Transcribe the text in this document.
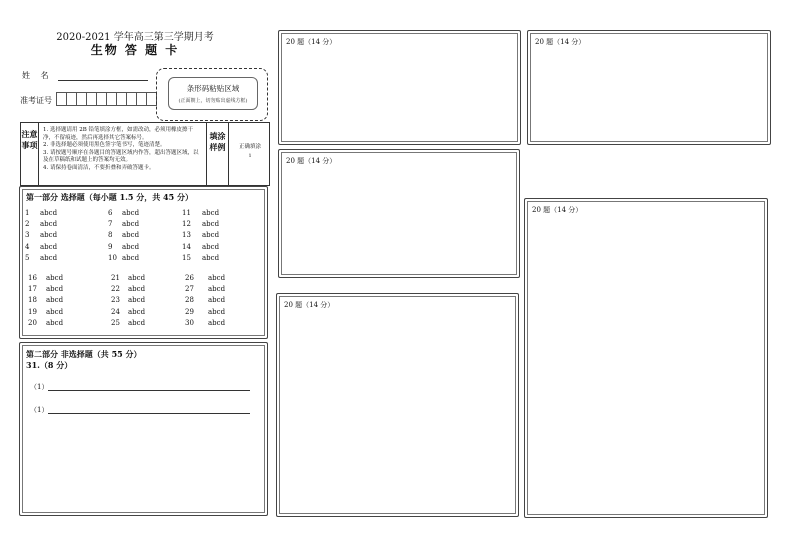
2020-2021 学年高三第三学期月考
生物 答 题 卡
姓 名
准考证号
条形码粘贴区域
(正面朝上，切勿贴出虚线方框)
注意事项
1. 选择题请用 2B 铅笔填涂方框，如需改动，必须用橡皮擦干净，不留痕迹，然后再选择其它答案标号。
2. 非选择题必须使用黑色签字笔书写，笔迹清楚。
3. 请按题号顺序在各题目的答题区域内作答，超出答题区域，以及在草稿纸和试题上的答案均无效。
4. 请保持卷面清洁，不要折叠和弄破答题卡。
填涂样例	正确填涂
i
第一部分 选择题（每小题 1.5 分，共 45 分）
1 abcd
2 abcd
3 abcd
4 abcd
5 abcd
6 abcd
7 abcd
8 abcd
9 abcd
10 abcd
11 abcd
12 abcd
13 abcd
14 abcd
15 abcd
16 abcd
17 abcd
18 abcd
19 abcd
20 abcd
21 abcd
22 abcd
23 abcd
24 abcd
25 abcd
26 abcd
27 abcd
28 abcd
29 abcd
30 abcd
第二部分 非选择题（共 55 分）
31.（8 分）
（1）
（1）
20 题（14 分）
20 题（14 分）
20 题（14 分）
20 题（14 分）
20 题（14 分）
